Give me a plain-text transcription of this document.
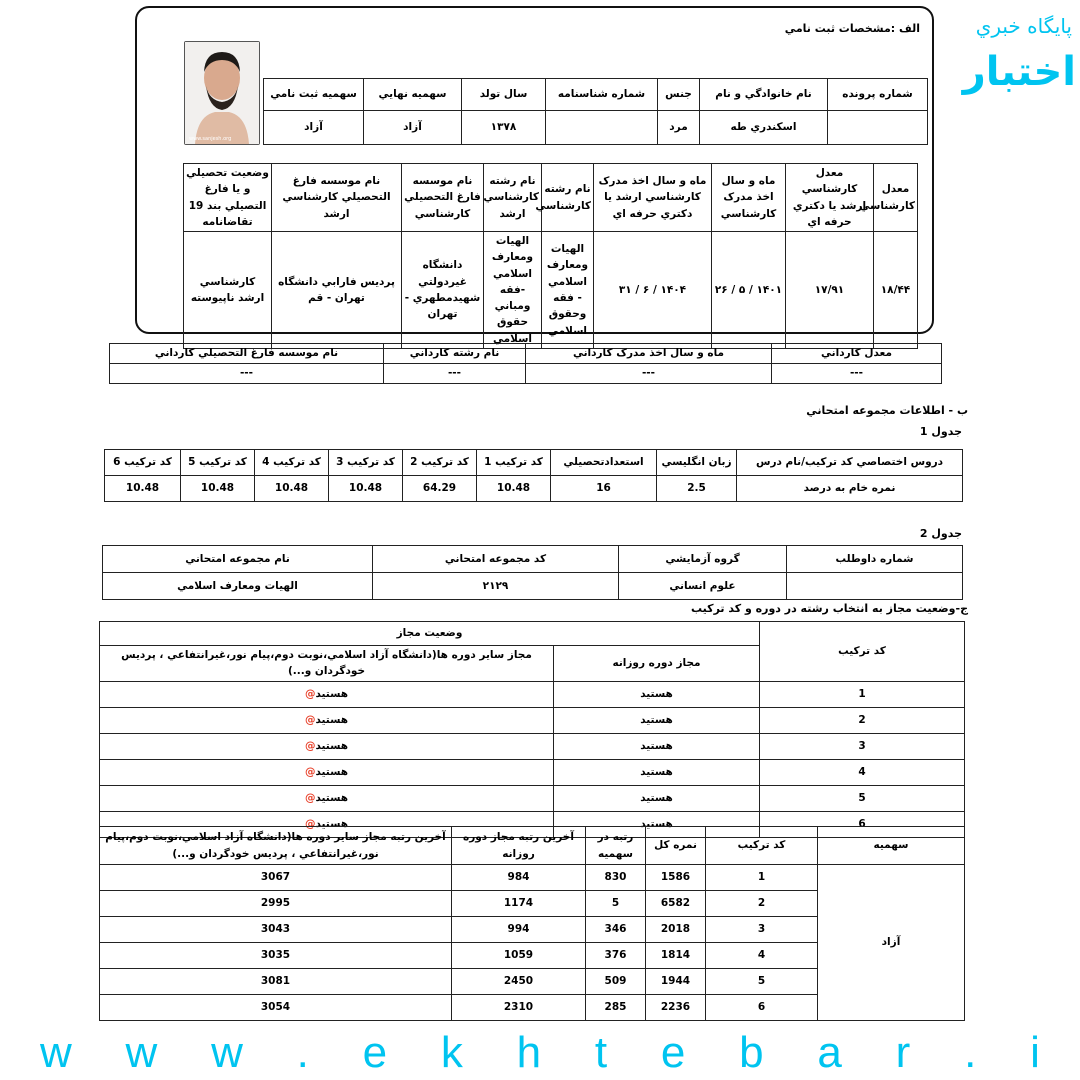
الف :مشخصات ثبت نامي
www.sanjesh.org
شماره پرونده	نام خانوادگي و نام	جنس	شماره شناسنامه	سال تولد	سهميه نهايي	سهميه ثبت نامي
	اسكندري طه	مرد		۱۳۷۸	آزاد	آزاد
معدل كارشناسي	معدل كارشناسي ارشد يا دكتري حرفه اي	ماه و سال اخذ مدرک كارشناسي	ماه و سال اخذ مدرک كارشناسي ارشد يا دكتري حرفه اي	نام رشته كارشناسي	نام رشته كارشناسي ارشد	نام موسسه فارغ التحصيلي كارشناسي	نام موسسه فارغ التحصيلي كارشناسي ارشد	وضعيت تحصيلي و يا فارغ التصيلي بند 19 تقاضانامه
۱۸/۴۴	۱۷/۹۱	۱۴۰۱ / ۵ / ۲۶	۱۴۰۴ / ۶ / ۳۱	الهيات ومعارف اسلامي - فقه وحقوق اسلامي	الهيات ومعارف اسلامي -فقه ومباني حقوق اسلامي	دانشگاه غيردولتي شهيدمطهري - تهران	پرديس فارابي دانشگاه تهران - قم	كارشناسي ارشد ناپيوسته
معدل كارداني	ماه و سال اخذ مدرک كارداني	نام رشته كارداني	نام موسسه فارغ التحصيلي كارداني
---	---	---	---
ب - اطلاعات مجموعه امتحاني
جدول 1
دروس اختصاصي كد تركيب/نام درس	زبان انگليسي	استعدادتحصيلي	كد تركيب 1	كد تركيب 2	كد تركيب 3	كد تركيب 4	كد تركيب 5	كد تركيب 6
نمره خام به درصد	2.5	16	10.48	64.29	10.48	10.48	10.48	10.48
جدول 2
شماره داوطلب	گروه آزمايشي	كد مجموعه امتحاني	نام مجموعه امتحاني
	علوم انساني	۲۱۲۹	الهيات ومعارف اسلامي
ج-وضعيت مجاز به انتخاب رشته در دوره و كد تركيب
كد تركيب	وضعيت مجاز	
	مجاز دوره روزانه	مجاز ساير دوره ها(دانشگاه آزاد اسلامي،نوبت دوم،پيام نور،غيرانتفاعي ، پرديس خودگردان و...)
1	هستيد	هستيد@
2	هستيد	هستيد@
3	هستيد	هستيد@
4	هستيد	هستيد@
5	هستيد	هستيد@
6	هستيد	هستيد@
سهميه	كد تركيب	نمره كل	رتبه در سهميه	آخرين رتبه مجاز دوره روزانه	آخرين رتبه مجاز ساير دوره ها(دانشگاه آزاد اسلامي،نوبت دوم،پيام نور،غيرانتفاعي ، پرديس خودگردان و...)
آزاد	1	1586	830	984	3067
	2	6582	5	1174	2995
	3	2018	346	994	3043
	4	1814	376	1059	3035
	5	1944	509	2450	3081
	6	2236	285	2310	3054
پايگاه خبري
اختبار
w w w . e k h t e b a r . i
